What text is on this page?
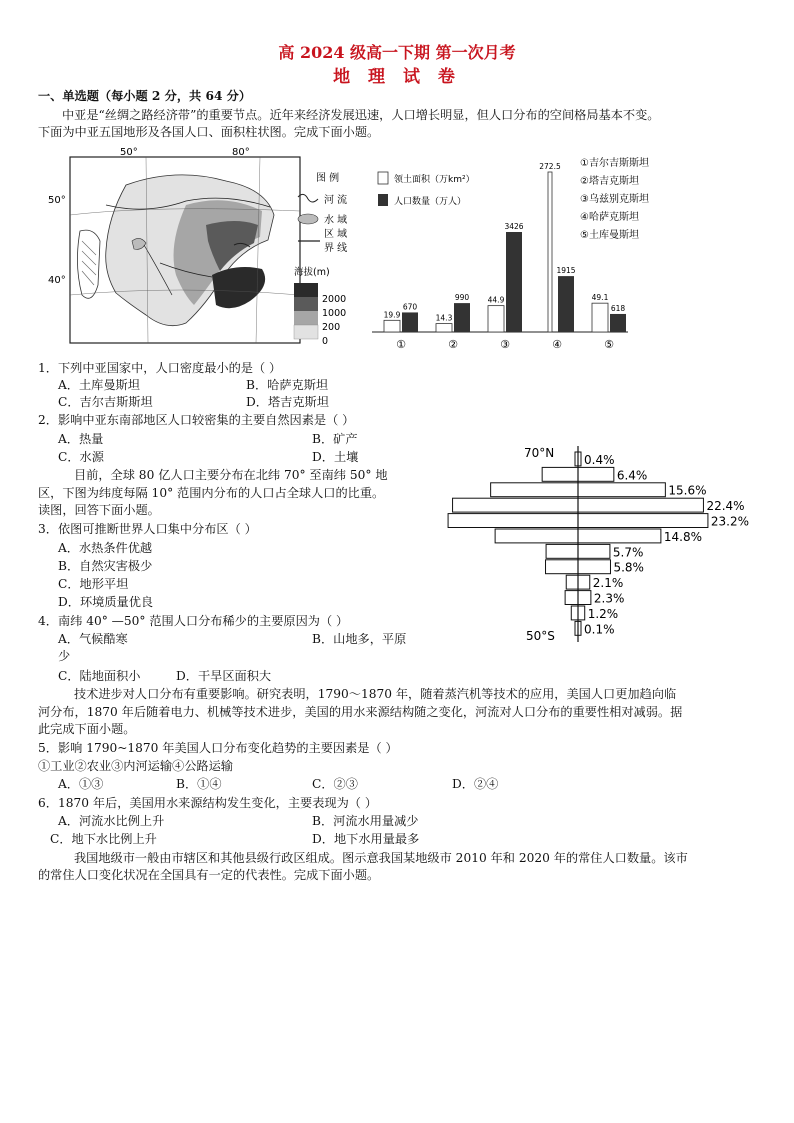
高 2024 级高一下期 第一次月考
地 理 试 卷
一、单选题（每小题 2 分，共 64 分）
中亚是“丝绸之路经济带”的重要节点。近年来经济发展迅速，人口增长明显，但人口分布的空间格局基本不变。
下面为中亚五国地形及各国人口、面积柱状图。完成下面小题。
50°	80°
50°
40°
图 例
河 流
水 域
区 域
界 线
海拔(m)
2000
1000
200
0
领土面积（万km²）
人口数量（万人）
19.9
670
①
14.3
990
②
44.9
3426
③
272.5
1915
④
49.1
618
⑤
①吉尔吉斯斯坦
②塔吉克斯坦
③乌兹别克斯坦
④哈萨克斯坦
⑤土库曼斯坦
1．下列中亚国家中，人口密度最小的是（ ）
A．土库曼斯坦	B．哈萨克斯坦
C．吉尔吉斯斯坦	D．塔吉克斯坦
2．影响中亚东南部地区人口较密集的主要自然因素是（ ）
A．热量	B．矿产
C．水源	D．土壤
目前，全球 80 亿人口主要分布在北纬 70° 至南纬 50° 地
区，下图为纬度每隔 10° 范围内分布的人口占全球人口的比重。
读图，回答下面小题。
70°N
50°S
0.4%
6.4%
15.6%
22.4%
23.2%
14.8%
5.7%
5.8%
2.1%
2.3%
1.2%
0.1%
3．依图可推断世界人口集中分布区（ ）
A．水热条件优越
B．自然灾害极少
C．地形平坦
D．环境质量优良
4．南纬 40° —50° 范围人口分布稀少的主要原因为（ ）
A．气候酷寒	B．山地多，平原
少
C．陆地面积小	D．干旱区面积大
技术进步对人口分布有重要影响。研究表明，1790～1870 年，随着蒸汽机等技术的应用，美国人口更加趋向临
河分布，1870 年后随着电力、机械等技术进步，美国的用水来源结构随之变化，河流对人口分布的重要性相对减弱。据
此完成下面小题。
5．影响 1790~1870 年美国人口分布变化趋势的主要因素是（ ）
①工业②农业③内河运输④公路运输
A．①③	B．①④	C．②③	D．②④
6．1870 年后，美国用水来源结构发生变化，主要表现为（ ）
A．河流水比例上升	B．河流水用量减少
C．地下水比例上升	D．地下水用量最多
我国地级市一般由市辖区和其他县级行政区组成。图示意我国某地级市 2010 年和 2020 年的常住人口数量。该市
的常住人口变化状况在全国具有一定的代表性。完成下面小题。
